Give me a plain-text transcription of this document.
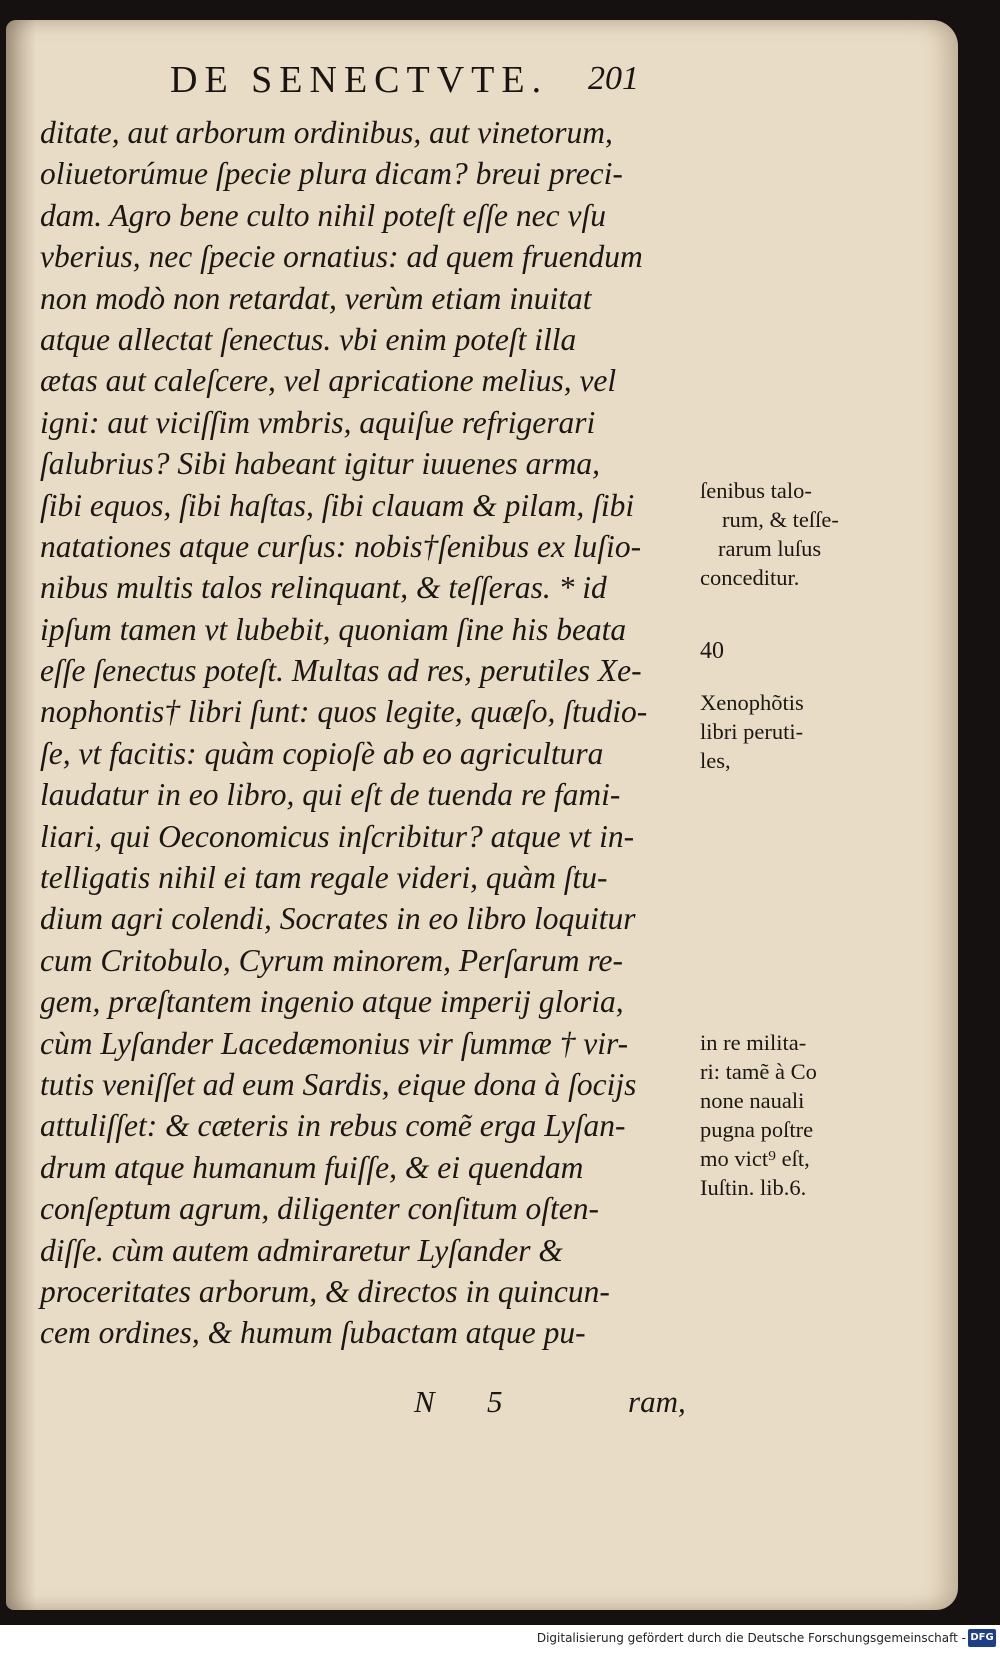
DE SENECTVTE. 201
ditate, aut arborum ordinibus, aut vinetorum,
oliuetorúmue ſpecie plura dicam? breui preci-
dam. Agro bene culto nihil poteſt eſſe nec vſu
vberius, nec ſpecie ornatius: ad quem fruendum
non modò non retardat, verùm etiam inuitat
atque allectat ſenectus. vbi enim poteſt illa
ætas aut caleſcere, vel apricatione melius, vel
igni: aut viciſſim vmbris, aquiſue refrigerari
ſalubrius? Sibi habeant igitur iuuenes arma,
ſibi equos, ſibi haſtas, ſibi clauam & pilam, ſibi
natationes atque curſus: nobis†ſenibus ex luſio-
nibus multis talos relinquant, & teſſeras. * id
ipſum tamen vt lubebit, quoniam ſine his beata
eſſe ſenectus poteſt. Multas ad res, perutiles Xe-
nophontis† libri ſunt: quos legite, quæſo, ſtudio-
ſe, vt facitis: quàm copioſè ab eo agricultura
laudatur in eo libro, qui eſt de tuenda re fami-
liari, qui Oeconomicus inſcribitur? atque vt in-
telligatis nihil ei tam regale videri, quàm ſtu-
dium agri colendi, Socrates in eo libro loquitur
cum Critobulo, Cyrum minorem, Perſarum re-
gem, præſtantem ingenio atque imperij gloria,
cùm Lyſander Lacedæmonius vir ſummæ † vir-
tutis veniſſet ad eum Sardis, eique dona à ſocijs
attuliſſet: & cæteris in rebus comẽ erga Lyſan-
drum atque humanum fuiſſe, & ei quendam
conſeptum agrum, diligenter conſitum oſten-
diſſe. cùm autem admiraretur Lyſander &
proceritates arborum, & directos in quincun-
cem ordines, & humum ſubactam atque pu-
ſenibus talo-
rum, & teſſe-
rarum luſus
conceditur.
Xenophõtis
libri peruti-
les,
in re milita-
ri: tamẽ à Co
none nauali
pugna poſtre
mo vict⁹ eſt,
Iuſtin. lib.6.
40
N 5	ram,
Digitalisierung gefördert durch die Deutsche Forschungsgemeinschaft - DFG
